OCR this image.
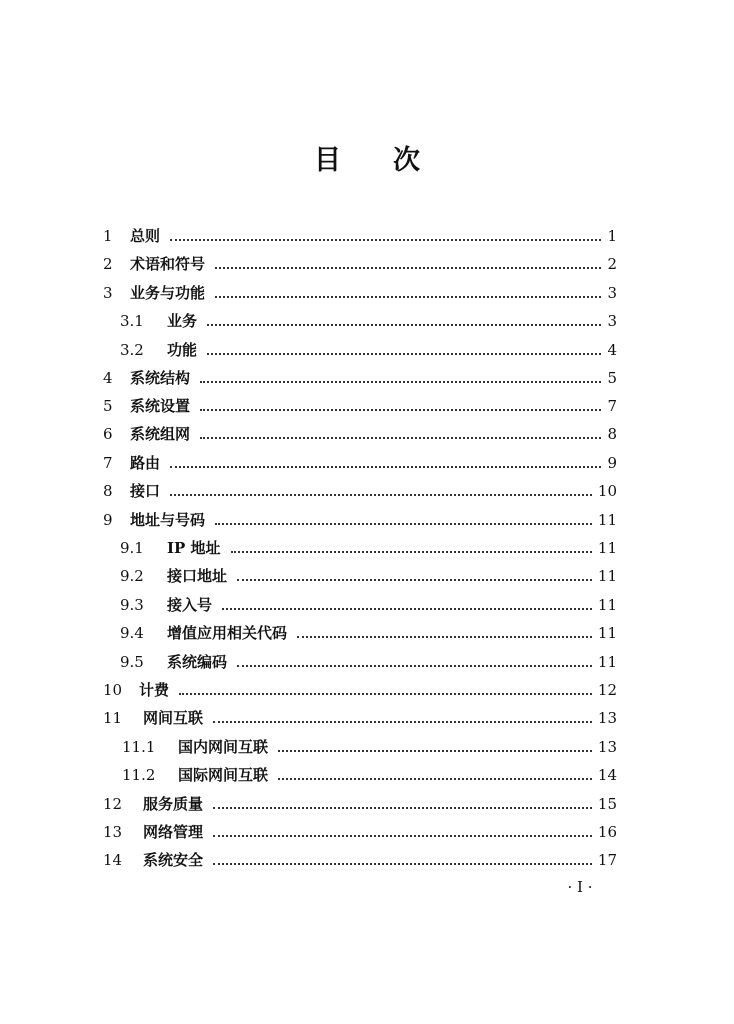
目 次
1	总则	1
2	术语和符号	2
3	业务与功能	3
3.1	业务	3
3.2	功能	4
4	系统结构	5
5	系统设置	7
6	系统组网	8
7	路由	9
8	接口	10
9	地址与号码	11
9.1	IP 地址	11
9.2	接口地址	11
9.3	接入号	11
9.4	增值应用相关代码	11
9.5	系统编码	11
10	计费	12
11	网间互联	13
11.1	国内网间互联	13
11.2	国际网间互联	14
12	服务质量	15
13	网络管理	16
14	系统安全	17
· I ·
